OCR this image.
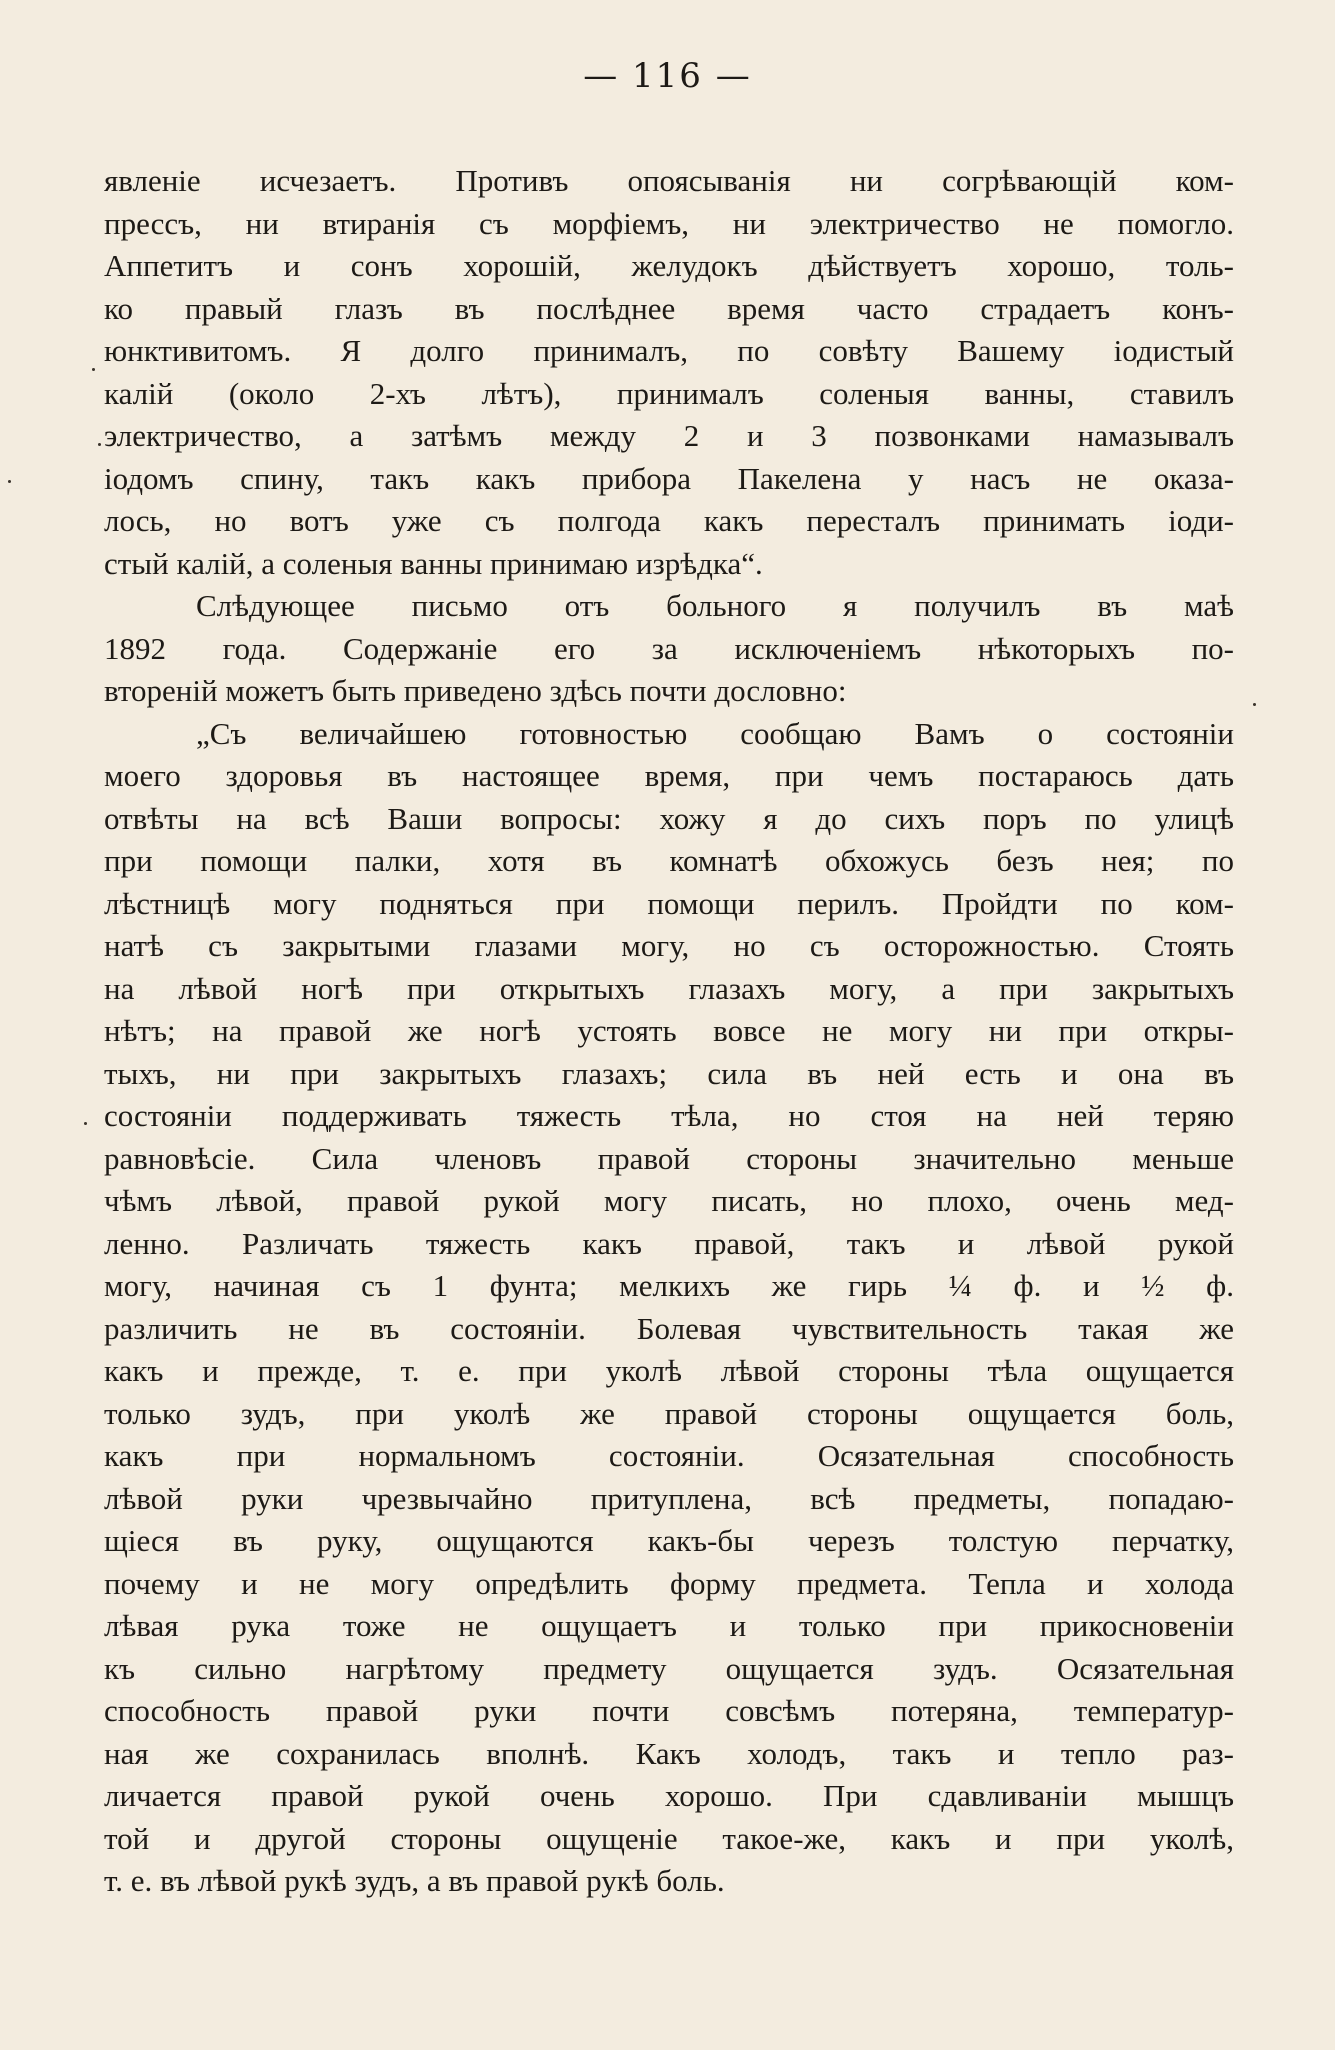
— 116 —
явленіе исчезаетъ. Противъ опоясыванія ни согрѣвающій ком-
прессъ, ни втиранія съ морфіемъ, ни электричество не помогло.
Аппетитъ и сонъ хорошій, желудокъ дѣйствуетъ хорошо, толь-
ко правый глазъ въ послѣднее время часто страдаетъ конъ-
юнктивитомъ. Я долго принималъ, по совѣту Вашему іодистый
калій (около 2-хъ лѣтъ), принималъ соленыя ванны, ставилъ
электричество, а затѣмъ между 2 и 3 позвонками намазывалъ
іодомъ спину, такъ какъ прибора Пакелена у насъ не оказа-
лось, но вотъ уже съ полгода какъ пересталъ принимать іоди-
стый калій, а соленыя ванны принимаю изрѣдка“.
Слѣдующее письмо отъ больного я получилъ въ маѣ
1892 года. Содержаніе его за исключеніемъ нѣкоторыхъ по-
вторенiй можетъ быть приведено здѣсь почти дословно:
„Съ величайшею готовностью сообщаю Вамъ о состояніи
моего здоровья въ настоящее время, при чемъ постараюсь дать
отвѣты на всѣ Ваши вопросы: хожу я до сихъ поръ по улицѣ
при помощи палки, хотя въ комнатѣ обхожусь безъ нея; по
лѣстницѣ могу подняться при помощи перилъ. Пройдти по ком-
натѣ съ закрытыми глазами могу, но съ осторожностью. Стоять
на лѣвой ногѣ при открытыхъ глазахъ могу, а при закрытыхъ
нѣтъ; на правой же ногѣ устоять вовсе не могу ни при откры-
тыхъ, ни при закрытыхъ глазахъ; сила въ ней есть и она въ
состояніи поддерживать тяжесть тѣла, но стоя на ней теряю
равновѣсіе. Сила членовъ правой стороны значительно меньше
чѣмъ лѣвой, правой рукой могу писать, но плохо, очень мед-
ленно. Различать тяжесть какъ правой, такъ и лѣвой рукой
могу, начиная съ 1 фунта; мелкихъ же гирь ¼ ф. и ½ ф.
различить не въ состояніи. Болевая чувствительность такая же
какъ и прежде, т. е. при уколѣ лѣвой стороны тѣла ощущается
только зудъ, при уколѣ же правой стороны ощущается боль,
какъ при нормальномъ состояніи. Осязательная способность
лѣвой руки чрезвычайно притуплена, всѣ предметы, попадаю-
щіеся въ руку, ощущаются какъ-бы черезъ толстую перчатку,
почему и не могу опредѣлить форму предмета. Тепла и холода
лѣвая рука тоже не ощущаетъ и только при прикосновеніи
къ сильно нагрѣтому предмету ощущается зудъ. Осязательная
способность правой руки почти совсѣмъ потеряна, температур-
ная же сохранилась вполнѣ. Какъ холодъ, такъ и тепло раз-
личается правой рукой очень хорошо. При сдавливаніи мышцъ
той и другой стороны ощущеніе такое-же, какъ и при уколѣ,
т. е. въ лѣвой рукѣ зудъ, а въ правой рукѣ боль.
